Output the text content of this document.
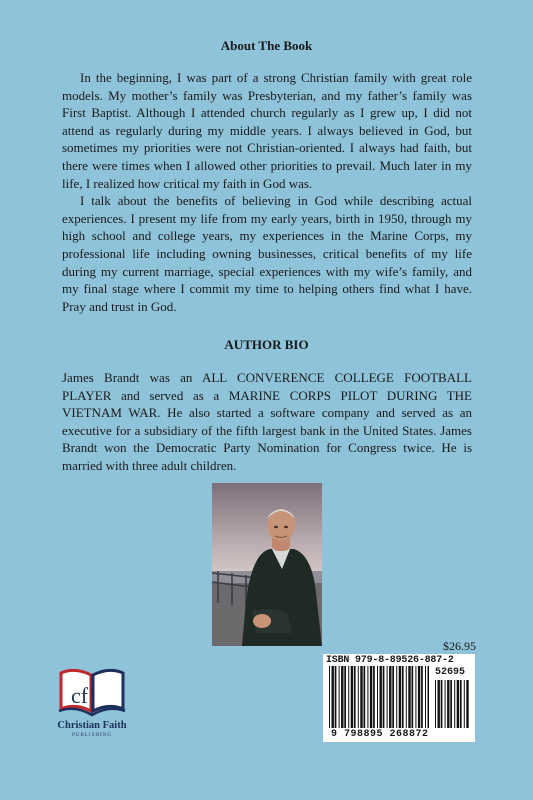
About The Book

In the beginning, I was part of a strong Christian family with great role models. My mother’s family was Presbyterian, and my father’s family was First Baptist. Although I attended church regularly as I grew up, I did not attend as regularly during my middle years. I always believed in God, but sometimes my priorities were not Christian-oriented. I always had faith, but there were times when I allowed other priorities to prevail. Much later in my life, I realized how critical my faith in God was.

I talk about the benefits of believing in God while describing actual experiences. I present my life from my early years, birth in 1950, through my high school and college years, my experiences in the Marine Corps, my professional life including owning businesses, critical benefits of my life during my current marriage, special experiences with my wife’s family, and my final stage where I commit my time to helping others find what I have. Pray and trust in God.

AUTHOR BIO

James Brandt was an ALL CONVERENCE COLLEGE FOOTBALL PLAYER and served as a MARINE CORPS PILOT DURING THE VIETNAM WAR. He also started a software company and served as an executive for a subsidiary of the fifth largest bank in the United States. James Brandt won the Democratic Party Nomination for Congress twice. He is married with three adult children.

$26.95
ISBN 979-8-89526-887-2
52695
9 798895 268872
cf
Christian Faith
PUBLISHING
